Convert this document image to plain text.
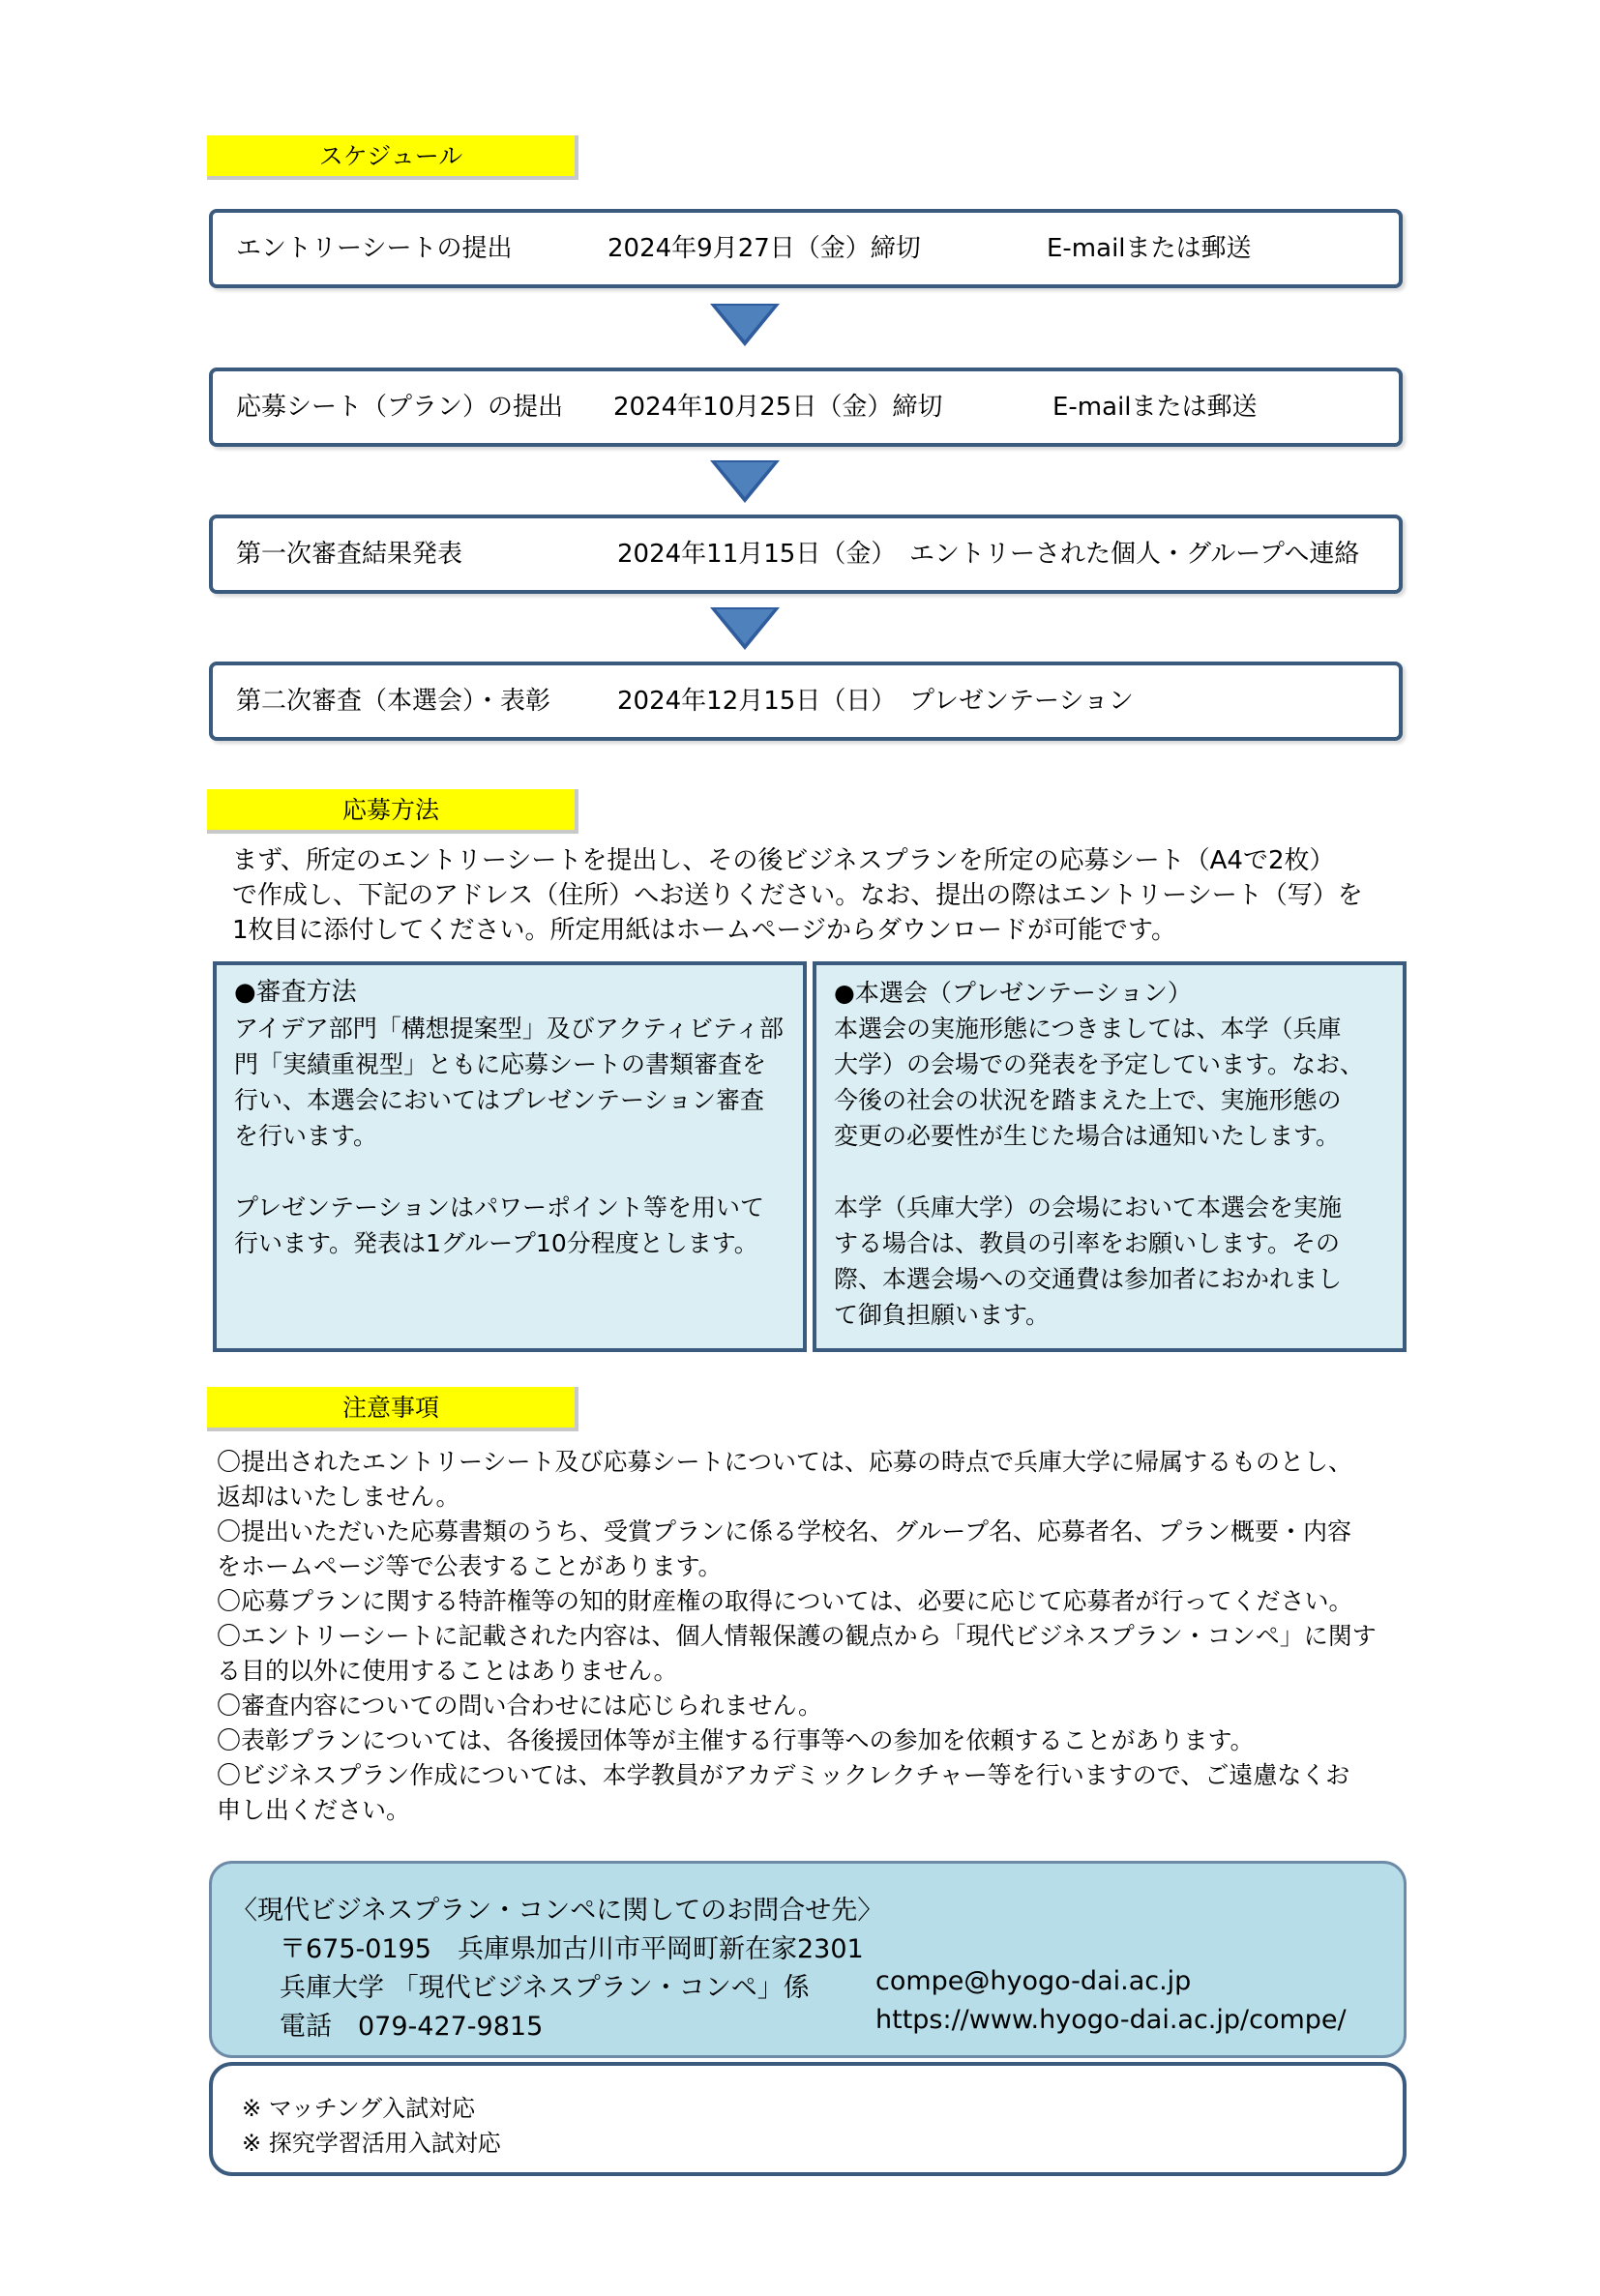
スケジュール
エントリーシートの提出	2024年9月27日（金）締切	E-mailまたは郵送
応募シート（プラン）の提出 2024年10月25日（金）締切	E-mailまたは郵送
第一次審査結果発表	2024年11月15日（金） エントリーされた個人・グループへ連絡
第二次審査（本選会）・表彰	2024年12月15日（日） プレゼンテーション
応募方法
まず、所定のエントリーシートを提出し、その後ビジネスプランを所定の応募シート（A4で2枚）
で作成し、下記のアドレス（住所）へお送りください。なお、提出の際はエントリーシート（写）を
1枚目に添付してください。所定用紙はホームページからダウンロードが可能です。
●審査方法
アイデア部門「構想提案型」及びアクティビティ部
門「実績重視型」ともに応募シートの書類審査を
行い、本選会においてはプレゼンテーション審査
を行います。
プレゼンテーションはパワーポイント等を用いて
行います。発表は1グループ10分程度とします。
●本選会（プレゼンテーション）
本選会の実施形態につきましては、本学（兵庫
大学）の会場での発表を予定しています。なお、
今後の社会の状況を踏まえた上で、実施形態の
変更の必要性が生じた場合は通知いたします。
本学（兵庫大学）の会場において本選会を実施
する場合は、教員の引率をお願いします。その
際、本選会場への交通費は参加者におかれまし
て御負担願います。
注意事項
〇提出されたエントリーシート及び応募シートについては、応募の時点で兵庫大学に帰属するものとし、
返却はいたしません。
〇提出いただいた応募書類のうち、受賞プランに係る学校名、グループ名、応募者名、プラン概要・内容
をホームページ等で公表することがあります。
〇応募プランに関する特許権等の知的財産権の取得については、必要に応じて応募者が行ってください。
〇エントリーシートに記載された内容は、個人情報保護の観点から「現代ビジネスプラン・コンペ」に関す
る目的以外に使用することはありません。
〇審査内容についての問い合わせには応じられません。
〇表彰プランについては、各後援団体等が主催する行事等への参加を依頼することがあります。
〇ビジネスプラン作成については、本学教員がアカデミックレクチャー等を行いますので、ご遠慮なくお
申し出ください。
〈現代ビジネスプラン・コンペに関してのお問合せ先〉
〒675-0195　兵庫県加古川市平岡町新在家2301
兵庫大学 「現代ビジネスプラン・コンペ」係	compe@hyogo-dai.ac.jp
電話　079-427-9815	https://www.hyogo-dai.ac.jp/compe/
※ マッチング入試対応
※ 探究学習活用入試対応
